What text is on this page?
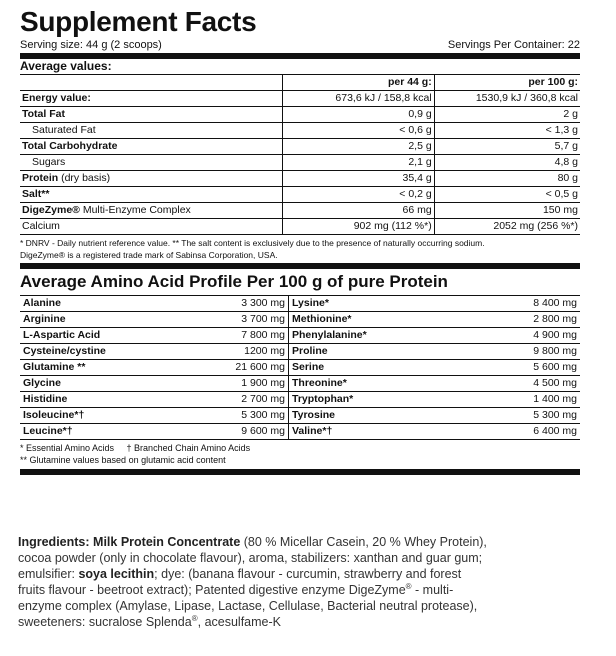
Supplement Facts
Serving size: 44 g (2 scoops)	Servings Per Container: 22
Average values:
	per 44 g:	per 100 g:
Energy value:	673,6 kJ / 158,8 kcal	1530,9 kJ / 360,8 kcal
Total Fat	0,9 g	2 g
Saturated Fat	< 0,6 g	< 1,3 g
Total Carbohydrate	2,5 g	5,7 g
Sugars	2,1 g	4,8 g
Protein (dry basis)	35,4 g	80 g
Salt**	< 0,2 g	< 0,5 g
DigeZyme® Multi-Enzyme Complex	66 mg	150 mg
Calcium	902 mg (112 %*)	2052 mg (256 %*)
* DNRV - Daily nutrient reference value. ** The salt content is exclusively due to the presence of naturally occurring sodium.
DigeZyme® is a registered trade mark of Sabinsa Corporation, USA.
Average Amino Acid Profile Per 100 g of pure Protein
Alanine	3 300 mg	Lysine*	8 400 mg
Arginine	3 700 mg	Methionine*	2 800 mg
L-Aspartic Acid	7 800 mg	Phenylalanine*	4 900 mg
Cysteine/cystine	1200 mg	Proline	9 800 mg
Glutamine **	21 600 mg	Serine	5 600 mg
Glycine	1 900 mg	Threonine*	4 500 mg
Histidine	2 700 mg	Tryptophan*	1 400 mg
Isoleucine*†	5 300 mg	Tyrosine	5 300 mg
Leucine*†	9 600 mg	Valine*†	6 400 mg
* Essential Amino Acids     † Branched Chain Amino Acids
** Glutamine values based on glutamic acid content
Ingredients: Milk Protein Concentrate (80 % Micellar Casein, 20 % Whey Protein), cocoa powder (only in chocolate flavour), aroma, stabilizers: xanthan and guar gum; emulsifier: soya lecithin; dye: (banana flavour - curcumin, strawberry and forest fruits flavour - beetroot extract); Patented digestive enzyme DigeZyme® - multi-enzyme complex (Amylase, Lipase, Lactase, Cellulase, Bacterial neutral protease), sweeteners: sucralose Splenda®, acesulfame-K
